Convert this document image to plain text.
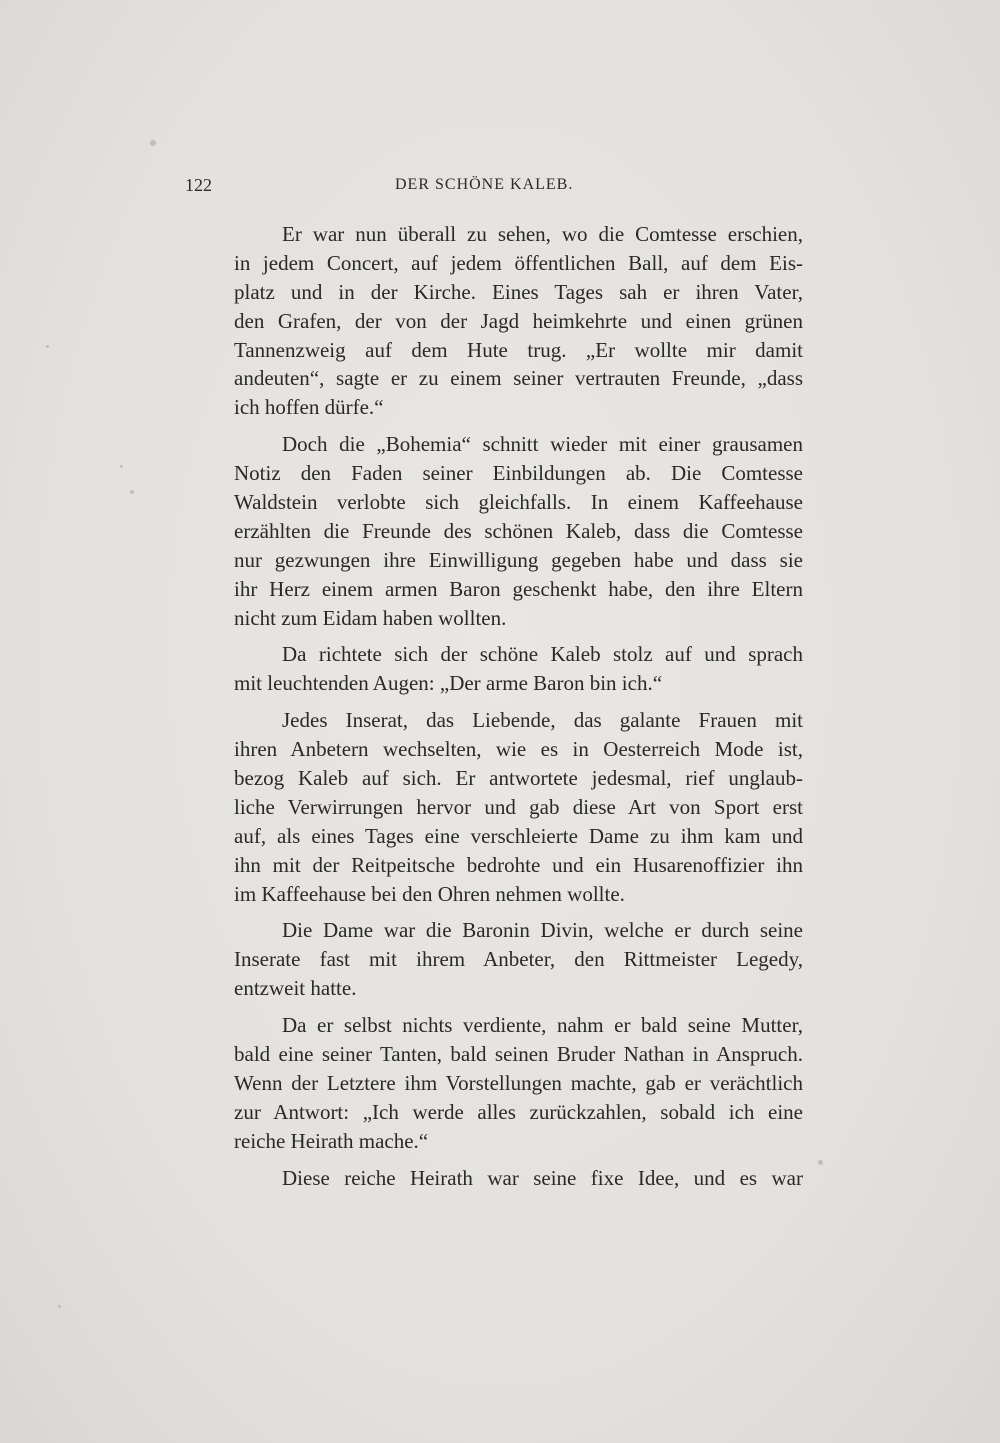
122	DER SCHÖNE KALEB.
Er war nun überall zu sehen, wo die Comtesse erschien,
in jedem Concert, auf jedem öffentlichen Ball, auf dem Eis-
platz und in der Kirche. Eines Tages sah er ihren Vater,
den Grafen, der von der Jagd heimkehrte und einen grünen
Tannenzweig auf dem Hute trug. „Er wollte mir damit
andeuten“, sagte er zu einem seiner vertrauten Freunde, „dass
ich hoffen dürfe.“
Doch die „Bohemia“ schnitt wieder mit einer grausamen
Notiz den Faden seiner Einbildungen ab. Die Comtesse
Waldstein verlobte sich gleichfalls. In einem Kaffeehause
erzählten die Freunde des schönen Kaleb, dass die Comtesse
nur gezwungen ihre Einwilligung gegeben habe und dass sie
ihr Herz einem armen Baron geschenkt habe, den ihre Eltern
nicht zum Eidam haben wollten.
Da richtete sich der schöne Kaleb stolz auf und sprach
mit leuchtenden Augen: „Der arme Baron bin ich.“
Jedes Inserat, das Liebende, das galante Frauen mit
ihren Anbetern wechselten, wie es in Oesterreich Mode ist,
bezog Kaleb auf sich. Er antwortete jedesmal, rief unglaub-
liche Verwirrungen hervor und gab diese Art von Sport erst
auf, als eines Tages eine verschleierte Dame zu ihm kam und
ihn mit der Reitpeitsche bedrohte und ein Husarenoffizier ihn
im Kaffeehause bei den Ohren nehmen wollte.
Die Dame war die Baronin Divin, welche er durch seine
Inserate fast mit ihrem Anbeter, den Rittmeister Legedy,
entzweit hatte.
Da er selbst nichts verdiente, nahm er bald seine Mutter,
bald eine seiner Tanten, bald seinen Bruder Nathan in Anspruch.
Wenn der Letztere ihm Vorstellungen machte, gab er verächtlich
zur Antwort: „Ich werde alles zurückzahlen, sobald ich eine
reiche Heirath mache.“
Diese reiche Heirath war seine fixe Idee, und es war
